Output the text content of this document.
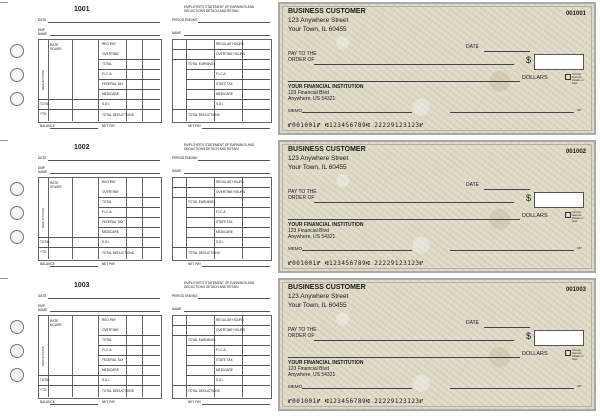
1001	EMPLOYEE'S STATEMENT OF EARNINGS AND DEDUCTIONS DETACH AND RETAIN
DATE	PERIOD ENDING
EMP NAME	NAME
RATE
HOURS
REG PAY
OVERTIME
TOTAL
F.I.C.A.
FEDERAL TAX
MEDICARE
S.D.I.
TOTAL DEDUCTIONS
TOTAL
YTD
BALANCE	NET PAY
DEDUCTIONS
REGULAR HOURS
OVERTIME HOURS
TOTAL EARNINGS
F.I.C.A.
STATE TAX
MEDICARE
S.D.I.
TOTAL DEDUCTIONS
NET PAY
BUSINESS CUSTOMER
123 Anywhere Street
Your Town, IL 60455
001001
DATE
PAY TO THE
ORDER OF	$
DOLLARS
Security features. Details on back.
YOUR FINANCIAL INSTITUTION
123 Financial Blvd
Anywhere, US 54321
MEMO	MP
⑈001001⑈ ⑆123456789⑆ 22229123123⑈
1002	EMPLOYEE'S STATEMENT OF EARNINGS AND DEDUCTIONS DETACH AND RETAIN
DATE	PERIOD ENDING
EMP NAME	NAME
RATE
HOURS
REG PAY
OVERTIME
TOTAL
F.I.C.A.
FEDERAL TAX
MEDICARE
S.D.I.
TOTAL DEDUCTIONS
TOTAL
YTD
BALANCE	NET PAY
DEDUCTIONS
REGULAR HOURS
OVERTIME HOURS
TOTAL EARNINGS
F.I.C.A.
STATE TAX
MEDICARE
S.D.I.
TOTAL DEDUCTIONS
NET PAY
BUSINESS CUSTOMER
123 Anywhere Street
Your Town, IL 60455
001002
DATE
PAY TO THE
ORDER OF	$
DOLLARS
Security features. Details on back.
YOUR FINANCIAL INSTITUTION
123 Financial Blvd
Anywhere, US 54321
MEMO	MP
⑈001001⑈ ⑆123456789⑆ 22229123123⑈
1003	EMPLOYEE'S STATEMENT OF EARNINGS AND DEDUCTIONS DETACH AND RETAIN
DATE	PERIOD ENDING
EMP NAME	NAME
RATE
HOURS
REG PAY
OVERTIME
TOTAL
F.I.C.A.
FEDERAL TAX
MEDICARE
S.D.I.
TOTAL DEDUCTIONS
TOTAL
YTD
BALANCE	NET PAY
DEDUCTIONS
REGULAR HOURS
OVERTIME HOURS
TOTAL EARNINGS
F.I.C.A.
STATE TAX
MEDICARE
S.D.I.
TOTAL DEDUCTIONS
NET PAY
BUSINESS CUSTOMER
123 Anywhere Street
Your Town, IL 60455
001003
DATE
PAY TO THE
ORDER OF	$
DOLLARS
Security features. Details on back.
YOUR FINANCIAL INSTITUTION
123 Financial Blvd
Anywhere, US 54321
MEMO	MP
⑈001001⑈ ⑆123456789⑆ 22229123123⑈
